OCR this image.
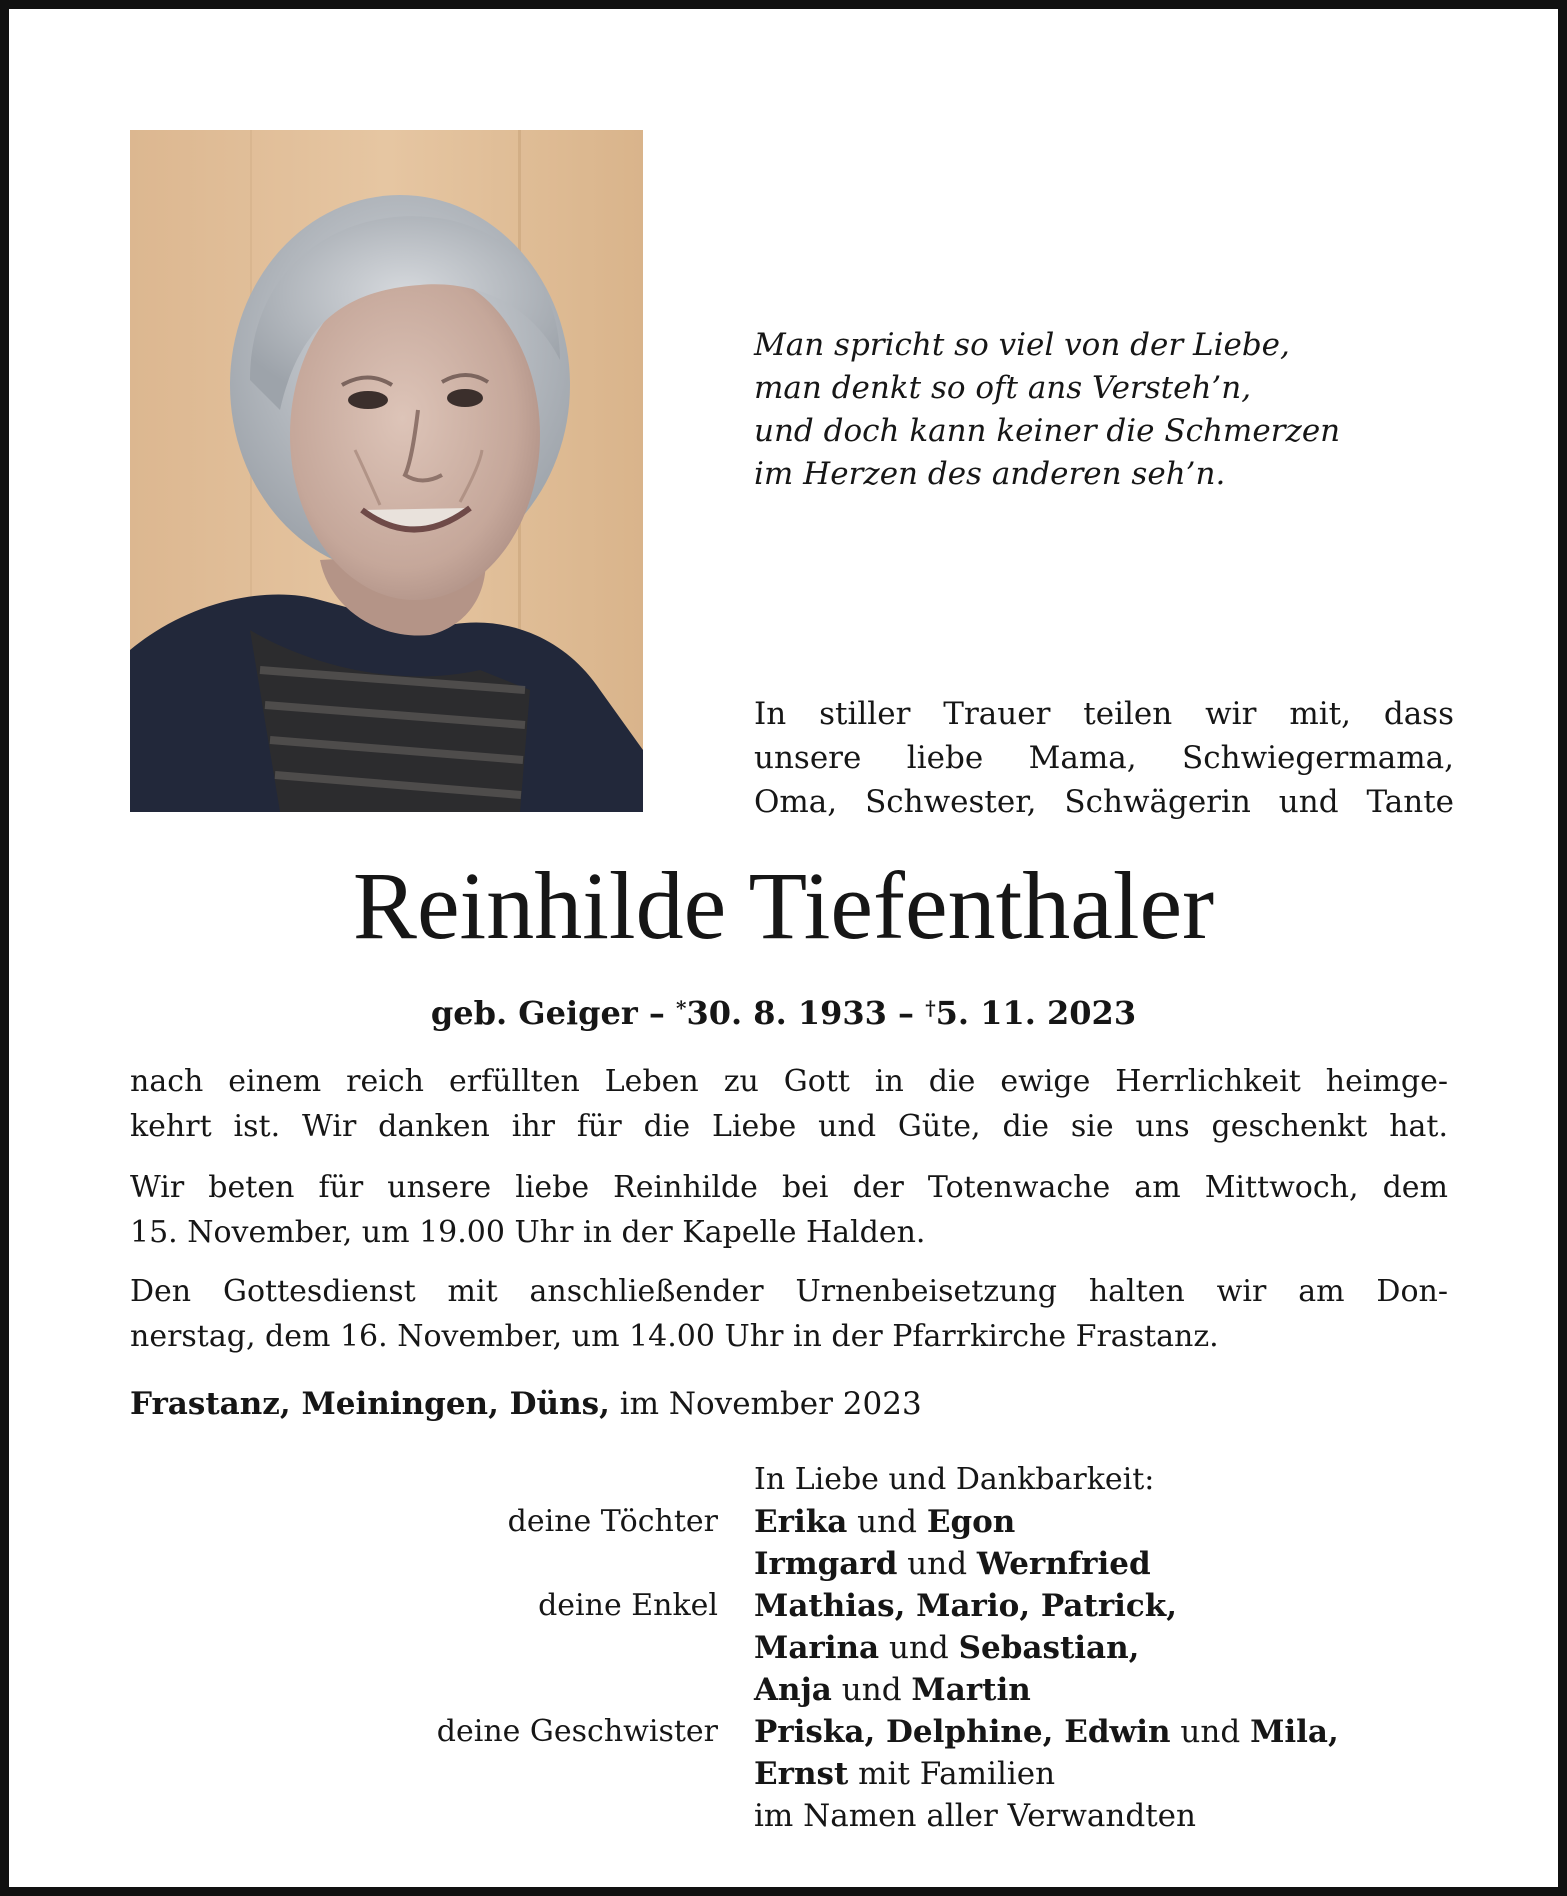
Man spricht so viel von der Liebe,
man denkt so oft ans Versteh’n,
und doch kann keiner die Schmerzen
im Herzen des anderen seh’n.
In stiller Trauer teilen wir mit, dass
unsere liebe Mama, Schwiegermama,
Oma, Schwester, Schwägerin und Tante
Reinhilde Tiefenthaler
geb. Geiger – *30. 8. 1933 – †5. 11. 2023
nach einem reich erfüllten Leben zu Gott in die ewige Herrlichkeit heimge-
kehrt ist. Wir danken ihr für die Liebe und Güte, die sie uns geschenkt hat.
Wir beten für unsere liebe Reinhilde bei der Totenwache am Mittwoch, dem
15. November, um 19.00 Uhr in der Kapelle Halden.
Den Gottesdienst mit anschließender Urnenbeisetzung halten wir am Don-
nerstag, dem 16. November, um 14.00 Uhr in der Pfarrkirche Frastanz.
Frastanz, Meiningen, Düns, im November 2023
In Liebe und Dankbarkeit:
deine Töchter Erika und Egon
Irmgard und Wernfried
deine Enkel Mathias, Mario, Patrick,
Marina und Sebastian,
Anja und Martin
deine Geschwister Priska, Delphine, Edwin und Mila,
Ernst mit Familien
im Namen aller Verwandten
